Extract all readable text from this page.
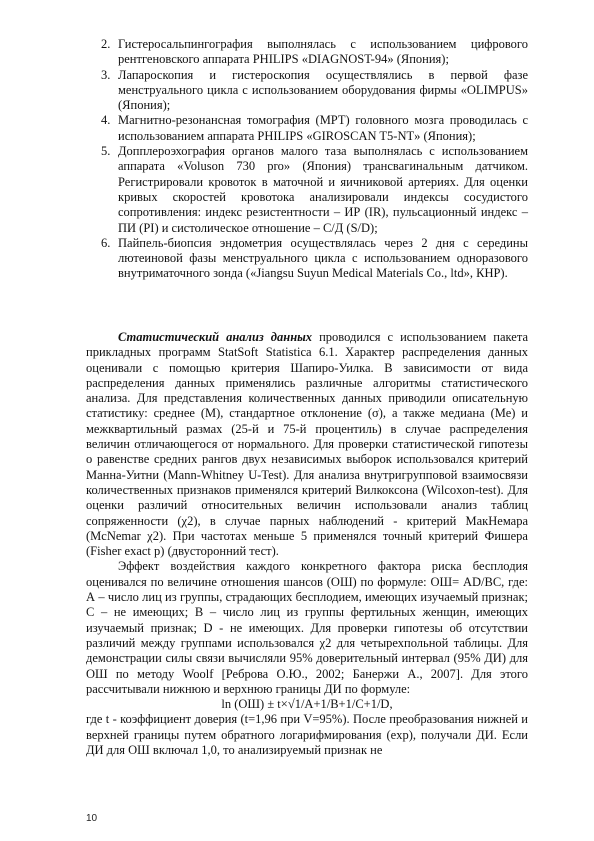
2. Гистеросальпингография выполнялась с использованием цифрового рентгеновского аппарата PHILIPS «DIAGNOST-94» (Япония);
3. Лапароскопия и гистероскопия осуществлялись в первой фазе менструального цикла с использованием оборудования фирмы «OLIMPUS» (Япония);
4. Магнитно-резонансная томография (МРТ) головного мозга проводилась с использованием аппарата PHILIPS «GIROSCAN T5-NT» (Япония);
5. Допплероэхография органов малого таза выполнялась с использованием аппарата «Voluson 730 pro» (Япония) трансвагинальным датчиком. Регистрировали кровоток в маточной и яичниковой артериях. Для оценки кривых скоростей кровотока анализировали индексы сосудистого сопротивления: индекс резистентности – ИР (IR), пульсационный индекс – ПИ (PI) и систолическое отношение – С/Д (S/D);
6. Пайпель-биопсия эндометрия осуществлялась через 2 дня с середины лютеиновой фазы менструального цикла с использованием одноразового внутриматочного зонда («Jiangsu Suyun Medical Materials Co., ltd», КНР).

Статистический анализ данных проводился с использованием пакета прикладных программ StatSoft Statistica 6.1. Характер распределения данных оценивали с помощью критерия Шапиро-Уилка. В зависимости от вида распределения данных применялись различные алгоритмы статистического анализа. Для представления количественных данных приводили описательную статистику: среднее (М), стандартное отклонение (σ), а также медиана (Ме) и межквартильный размах (25-й и 75-й процентиль) в случае распределения величин отличающегося от нормального. Для проверки статистической гипотезы о равенстве средних рангов двух независимых выборок использовался критерий Манна-Уитни (Mann-Whitney U-Test). Для анализа внутригрупповой взаимосвязи количественных признаков применялся критерий Вилкоксона (Wilcoxon-test). Для оценки различий относительных величин использовали анализ таблиц сопряженности (χ2), в случае парных наблюдений - критерий МакНемара (McNemar χ2). При частотах меньше 5 применялся точный критерий Фишера (Fisher exact p) (двусторонний тест).

Эффект воздействия каждого конкретного фактора риска бесплодия оценивался по величине отношения шансов (ОШ) по формуле: ОШ= AD/BC, где: А – число лиц из группы, страдающих бесплодием, имеющих изучаемый признак; С – не имеющих; В – число лиц из группы фертильных женщин, имеющих изучаемый признак; D - не имеющих. Для проверки гипотезы об отсутствии различий между группами использовался χ2 для четырехпольной таблицы. Для демонстрации силы связи вычисляли 95% доверительный интервал (95% ДИ) для ОШ по методу Woolf [Реброва О.Ю., 2002; Банержи А., 2007]. Для этого рассчитывали нижнюю и верхнюю границы ДИ по формуле:

ln (ОШ) ± t×√1/A+1/B+1/C+1/D,

где t - коэффициент доверия (t=1,96 при V=95%). После преобразования нижней и верхней границы путем обратного логарифмирования (exp), получали ДИ. Если ДИ для ОШ включал 1,0, то анализируемый признак не

10
